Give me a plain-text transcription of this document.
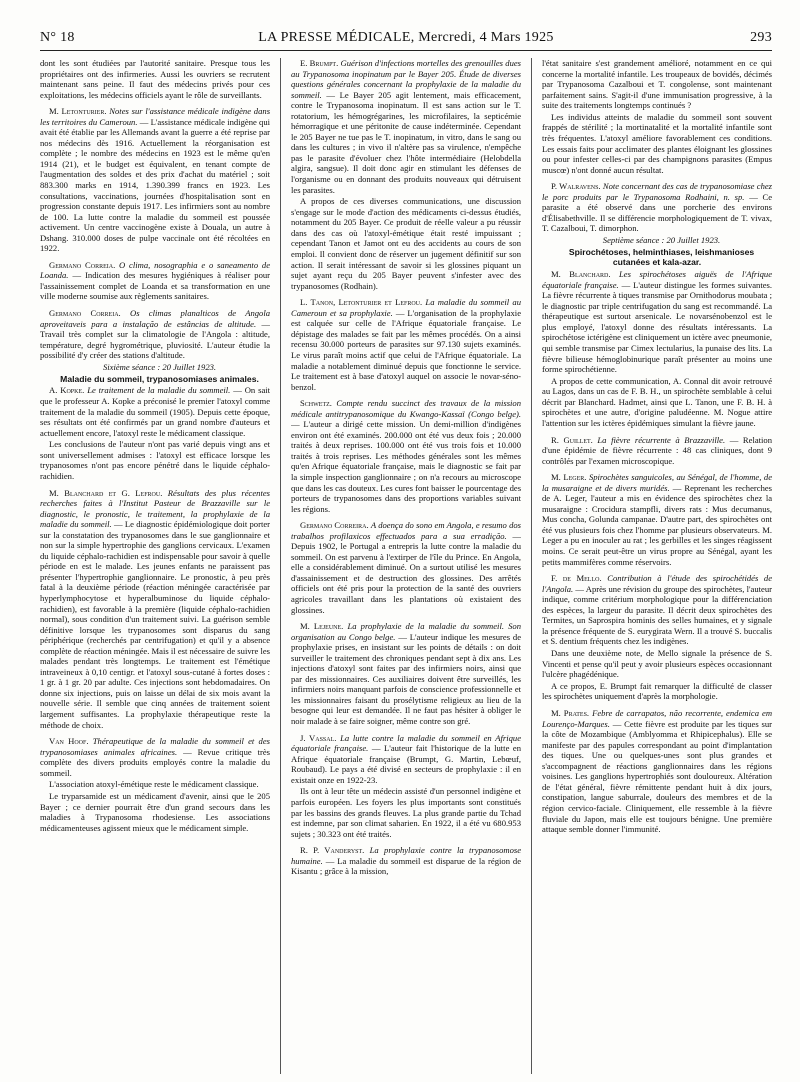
N° 18	LA PRESSE MÉDICALE, Mercredi, 4 Mars 1925	293

dont les sont étudiées par l'autorité sanitaire. Presque tous les propriétaires ont des infirmeries. Aussi les ouvriers se recrutent maintenant sans peine. Il faut des médecins privés pour ces exploitations, les médecins officiels ayant le rôle de surveillants.

M. Letonturier. Notes sur l'assistance médicale indigène dans les territoires du Cameroun. — L'assistance médicale indigène qui avait été établie par les Allemands avant la guerre a été reprise par nos médecins dès 1916. Actuellement la réorganisation est complète ; le nombre des médecins en 1923 est le même qu'en 1914 (21), et le budget est équivalent, en tenant compte de l'augmentation des soldes et des prix d'achat du matériel ; soit 883.300 marks en 1914, 1.390.399 francs en 1923. Les consultations, vaccinations, journées d'hospitalisation sont en progression constante depuis 1917. Les infirmiers sont au nombre de 100. La lutte contre la maladie du sommeil est poussée activement. Un centre vaccinogène existe à Douala, un autre à Dshang. 310.000 doses de pulpe vaccinale ont été récoltées en 1922.

Germano Correia. O clima, nosographia e o saneamento de Loanda. — Indication des mesures hygiéniques à réaliser pour l'assainissement complet de Loanda et sa transformation en une ville moderne soumise aux règlements sanitaires.

Germano Correia. Os climas planalticos de Angola aproveitaveis para a instalação de estâncias de altitude. — Travail très complet sur la climatologie de l'Angola : altitude, température, degré hygrométrique, pluviosité. L'auteur étudie la possibilité d'y créer des stations d'altitude.

Sixième séance : 20 Juillet 1923.

Maladie du sommeil, trypanosomiases animales.

A. Kopke. Le traitement de la maladie du sommeil. — On sait que le professeur A. Kopke a préconisé le premier l'atoxyl comme traitement de la maladie du sommeil (1905). Depuis cette époque, ses résultats ont été confirmés par un grand nombre d'auteurs et actuellement encore, l'atoxyl reste le médicament classique.

Les conclusions de l'auteur n'ont pas varié depuis vingt ans et sont universellement admises : l'atoxyl est efficace lorsque les trypanosomes n'ont pas encore pénétré dans le liquide céphalo-rachidien.

M. Blanchard et G. Lefrou. Résultats des plus récentes recherches faites à l'Institut Pasteur de Brazzaville sur le diagnostic, le pronostic, le traitement, la prophylaxie de la maladie du sommeil. — Le diagnostic épidémiologique doit porter sur la constatation des trypanosomes dans le sue ganglionnaire et non sur la simple hypertrophie des ganglions cervicaux. L'examen du liquide céphalo-rachidien est indispensable pour savoir à quelle période en est le malade. Les jeunes enfants ne paraissent pas présenter l'hypertrophie ganglionnaire. Le pronostic, à peu près fatal à la deuxième période (réaction méningée caractérisée par hyperlymphocytose et hyperalbuminose du liquide céphalo-rachidien), est favorable à la première (liquide céphalo-rachidien normal), sous condition d'un traitement suivi. La guérison semble définitive lorsque les trypanosomes sont disparus du sang périphérique (recherchés par centrifugation) et qu'il y a absence complète de réaction méningée. Mais il est nécessaire de suivre les malades pendant très longtemps. Le traitement est l'émétique intraveineux à 0,10 centigr. et l'atoxyl sous-cutané à fortes doses : 1 gr. à 1 gr. 20 par adulte. Ces injections sont hebdomadaires. On donne six injections, puis on laisse un délai de six mois avant la nouvelle série. Il semble que cinq années de traitement soient largement suffisantes. La prophylaxie thérapeutique reste la méthode de choix.

Van Hoof. Thérapeutique de la maladie du sommeil et des trypanosomiases animales africaines. — Revue critique très complète des divers produits employés contre la maladie du sommeil.

L'association atoxyl-émétique reste le médicament classique.

Le tryparsamide est un médicament d'avenir, ainsi que le 205 Bayer ; ce dernier pourrait être d'un grand secours dans les maladies à Trypanosoma rhodesiense. Les associations médicamenteuses agissent mieux que le médicament simple.

E. Brumpt. Guérison d'infections mortelles des grenouilles dues au Trypanosoma inopinatum par le Bayer 205. Étude de diverses questions générales concernant la prophylaxie de la maladie du sommeil. — Le Bayer 205 agit lentement, mais efficacement, contre le Trypanosoma inopinatum. Il est sans action sur le T. rotatorium, les hémogrégarines, les microfilaires, la septicémie hémorragique et une péritonite de cause indéterminée. Cependant le 205 Bayer ne tue pas le T. inopinatum, in vitro, dans le sang ou dans les cultures ; in vivo il n'altère pas sa virulence, n'empêche pas le parasite d'évoluer chez l'hôte intermédiaire (Helobdella algira, sangsue). Il doit donc agir en stimulant les défenses de l'organisme ou en donnant des produits nouveaux qui détruisent les parasites.

A propos de ces diverses communications, une discussion s'engage sur le mode d'action des médicaments ci-dessus étudiés, notamment du 205 Bayer. Ce produit de réelle valeur a pu réussir dans des cas où l'atoxyl-émétique était resté impuissant ; cependant Tanon et Jamot ont eu des accidents au cours de son emploi. Il convient donc de réserver un jugement définitif sur son action. Il serait intéressant de savoir si les glossines piquant un sujet ayant reçu du 205 Bayer peuvent s'infester avec des trypanosomes (Rodhain).

L. Tanon, Letonturier et Lefrou. La maladie du sommeil au Cameroun et sa prophylaxie. — L'organisation de la prophylaxie est calquée sur celle de l'Afrique équatoriale française. Le dépistage des malades se fait par les mêmes procédés. On a ainsi recensu 30.000 porteurs de parasites sur 97.130 sujets examinés. Le virus paraît moins actif que celui de l'Afrique équatoriale. La maladie a notablement diminué depuis que fonctionne le service. Le traitement est à base d'atoxyl auquel on associe le novar-séno-benzol.

Schwetz. Compte rendu succinct des travaux de la mission médicale antitrypanosomique du Kwango-Kassaï (Congo belge). — L'auteur a dirigé cette mission. Un demi-million d'indigènes environ ont été examinés. 200.000 ont été vus deux fois ; 20.000 traités à deux reprises. 100.000 ont été vus trois fois et 10.000 traités à trois reprises. Les méthodes générales sont les mêmes qu'en Afrique équatoriale française, mais le diagnostic se fait par la simple inspection ganglionnaire ; on n'a recours au microscope que dans les cas douteux. Les cures font baisser le pourcentage des porteurs de trypanosomes dans des proportions variables suivant les régions.

Germano Correira. A doença do sono em Angola, e resumo dos trabalhos profilaxicos effectuados para a sua erradição. — Depuis 1902, le Portugal a entrepris la lutte contre la maladie du sommeil. On est parvenu à l'extirper de l'île du Prince. En Angola, elle a considérablement diminué. On a surtout utilisé les mesures d'assainissement et de destruction des glossines. Des arrêtés officiels ont été pris pour la protection de la santé des ouvriers agricoles travaillant dans les plantations où existaient des glossines.

M. Lejeune. La prophylaxie de la maladie du sommeil. Son organisation au Congo belge. — L'auteur indique les mesures de prophylaxie prises, en insistant sur les points de détails : on doit surveiller le traitement des chroniques pendant sept à dix ans. Les injections d'atoxyl sont faites par des infirmiers noirs, ainsi que par des missionnaires. Ces auxiliaires doivent être surveillés, les infirmiers noirs manquant parfois de conscience professionnelle et les missionnaires faisant du prosélytisme religieux au lieu de la besogne qui leur est demandée. Il ne faut pas hésiter à obliger le noir malade à se faire soigner, même contre son gré.

J. Vassal. La lutte contre la maladie du sommeil en Afrique équatoriale française. — L'auteur fait l'historique de la lutte en Afrique équatoriale française (Brumpt, G. Martin, Lebœuf, Roubaud). Le pays a été divisé en secteurs de prophylaxie : il en existait onze en 1922-23.

Ils ont à leur tête un médecin assisté d'un personnel indigène et parfois européen. Les foyers les plus importants sont constitués par les bassins des grands fleuves. La plus grande partie du Tchad est indemne, par son climat saharien. En 1922, il a été vu 680.953 sujets ; 30.323 ont été traités.

R. P. Vanderyst. La prophylaxie contre la trypanosomose humaine. — La maladie du sommeil est disparue de la région de Kisantu ; grâce à la mission,

l'état sanitaire s'est grandement amélioré, notamment en ce qui concerne la mortalité infantile. Les troupeaux de bovidés, décimés par Trypanosoma Cazalboui et T. congolense, sont maintenant parfaitement sains. S'agit-il d'une immunisation progressive, à la suite des traitements longtemps continués ?

Les individus atteints de maladie du sommeil sont souvent frappés de stérilité ; la mortinatalité et la mortalité infantile sont très fréquentes. L'atoxyl améliore favorablement ces conditions. Les essais faits pour acclimater des plantes éloignant les glossines ou pour infester celles-ci par des champignons parasites (Empus muscœ) n'ont donné aucun résultat.

P. Walravens. Note concernant des cas de trypanosomiase chez le porc produits par le Trypanosoma Rodhaini, n. sp. — Ce parasite a été observé dans une porcherie des environs d'Élisabethville. Il se différencie morphologiquement de T. vivax, T. Cazalboui, T. dimorphon.

Septième séance : 20 Juillet 1923.

Spirochétoses, helminthiases, leishmanioses cutanées et kala-azar.

M. Blanchard. Les spirochétoses aiguës de l'Afrique équatoriale française. — L'auteur distingue les formes suivantes. La fièvre récurrente à tiques transmise par Ornithodorus moubata ; le diagnostic par triple centrifugation du sang est recommandé. La thérapeutique est surtout arsenicale. Le novarsénobenzol est le plus employé, l'atoxyl donne des résultats intéressants. La spirochétose ictérigène est cliniquement un ictère avec pneumonie, qui semble transmise par Cimex lectularius, la punaise des lits. La fièvre bilieuse hémoglobinurique paraît présenter au moins une forme spirochétienne.

A propos de cette communication, A. Connal dit avoir retrouvé au Lagos, dans un cas de F. B. H., un spirochète semblable à celui décrit par Blanchard. Hadmet, ainsi que L. Tanon, une F. B. H. à spirochètes et une autre, d'origine paludéenne. M. Nogue attire l'attention sur les ictères épidémiques simulant la fièvre jaune.

R. Guillet. La fièvre récurrente à Brazzaville. — Relation d'une épidémie de fièvre récurrente : 48 cas cliniques, dont 9 contrôlés par l'examen microscopique.

M. Leger. Spirochètes sanguicoles, au Sénégal, de l'homme, de la musaraigne et de divers muridés. — Reprenant les recherches de A. Leger, l'auteur a mis en évidence des spirochètes chez la musaraigne : Crocidura stampfli, divers rats : Mus decumanus, Mus concha, Golunda campanae. D'autre part, des spirochètes ont été vus plusieurs fois chez l'homme par plusieurs observateurs. M. Leger a pu en inoculer au rat ; les gerbilles et les singes réagissent moins. Ce serait peut-être un virus propre au Sénégal, ayant les petits mammifères comme réservoirs.

F. de Mello. Contribution à l'étude des spirochétidés de l'Angola. — Après une révision du groupe des spirochètes, l'auteur indique, comme critérium morphologique pour la différenciation des espèces, la largeur du parasite. Il décrit deux spirochètes des Termites, un Saprospira hominis des selles humaines, et y signale la présence fréquente de S. eurygirata Wern. Il a trouvé S. buccalis et S. dentium fréquents chez les indigènes.

Dans une deuxième note, de Mello signale la présence de S. Vincenti et pense qu'il peut y avoir plusieurs espèces occasionnant l'ulcère phagédénique.

A ce propos, E. Brumpt fait remarquer la difficulté de classer les spirochètes uniquement d'après la morphologie.

M. Prates. Febre de carrapatos, não recorrente, endemica em Lourenço-Marques. — Cette fièvre est produite par les tiques sur la côte de Mozambique (Amblyomma et Rhipicephalus). Elle se manifeste par des papules correspondant au point d'implantation des tiques. Une ou quelques-unes sont plus grandes et s'accompagnent de réactions ganglionnaires dans les régions voisines. Les ganglions hypertrophiés sont douloureux. Altération de l'état général, fièvre rémittente pendant huit à dix jours, constipation, langue saburrale, douleurs des membres et de la région cervico-faciale. Cliniquement, elle ressemble à la fièvre fluviale du Japon, mais elle est toujours bénigne. Une première attaque semble donner l'immunité.
